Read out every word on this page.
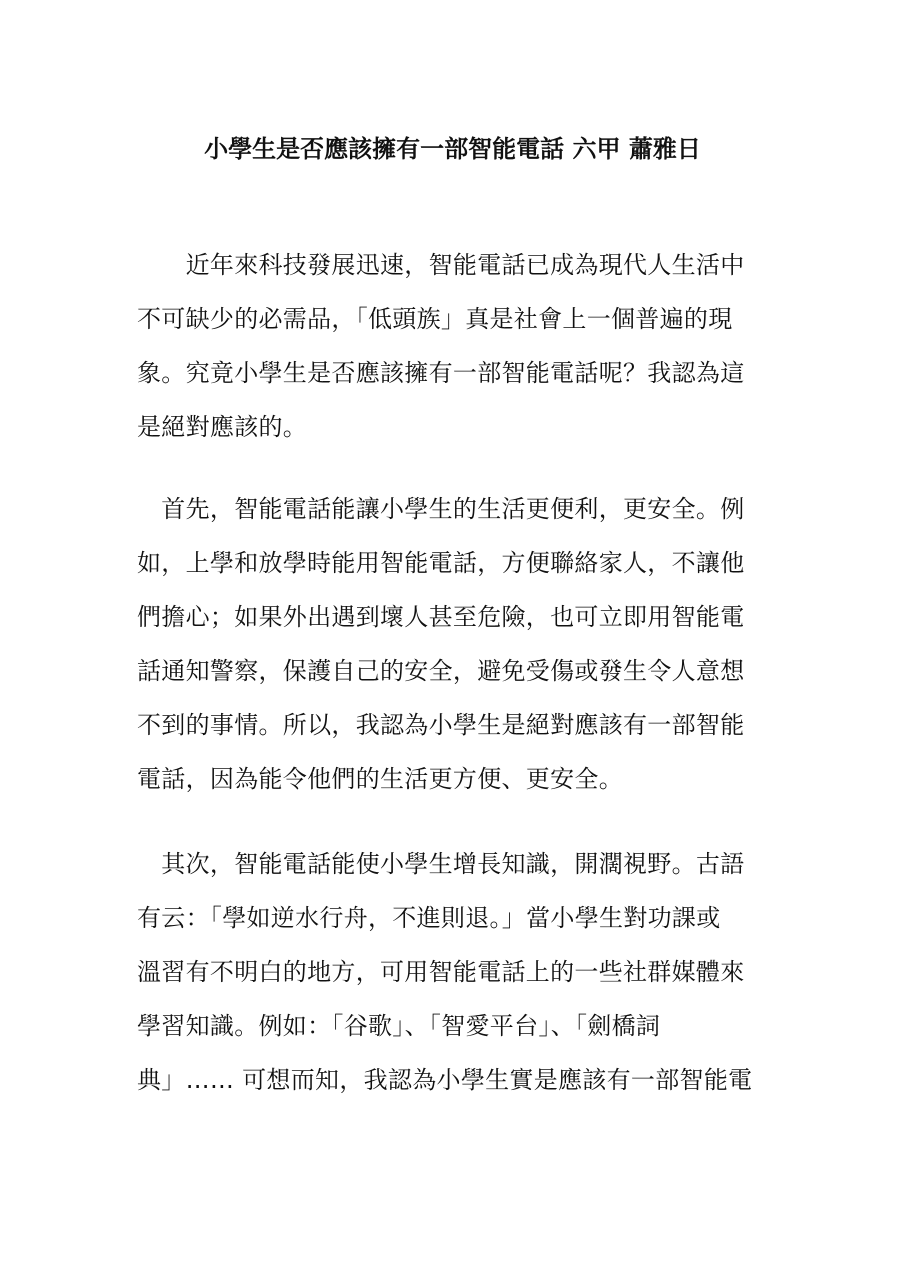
小學生是否應該擁有一部智能電話 六甲 蕭雅日
　　近年來科技發展迅速，智能電話已成為現代人生活中
不可缺少的必需品，「低頭族」真是社會上一個普遍的現
象。究竟小學生是否應該擁有一部智能電話呢？我認為這
是絕對應該的。
　首先，智能電話能讓小學生的生活更便利，更安全。例
如，上學和放學時能用智能電話，方便聯絡家人，不讓他
們擔心；如果外出遇到壞人甚至危險，也可立即用智能電
話通知警察，保護自己的安全，避免受傷或發生令人意想
不到的事情。所以，我認為小學生是絕對應該有一部智能
電話，因為能令他們的生活更方便、更安全。
　其次，智能電話能使小學生增長知識，開濶視野。古語
有云：「學如逆水行舟，不進則退。」當小學生對功課或
溫習有不明白的地方，可用智能電話上的一些社群媒體來
學習知識。例如：「谷歌」、「智愛平台」、「劍橋詞
典」…… 可想而知，我認為小學生實是應該有一部智能電
